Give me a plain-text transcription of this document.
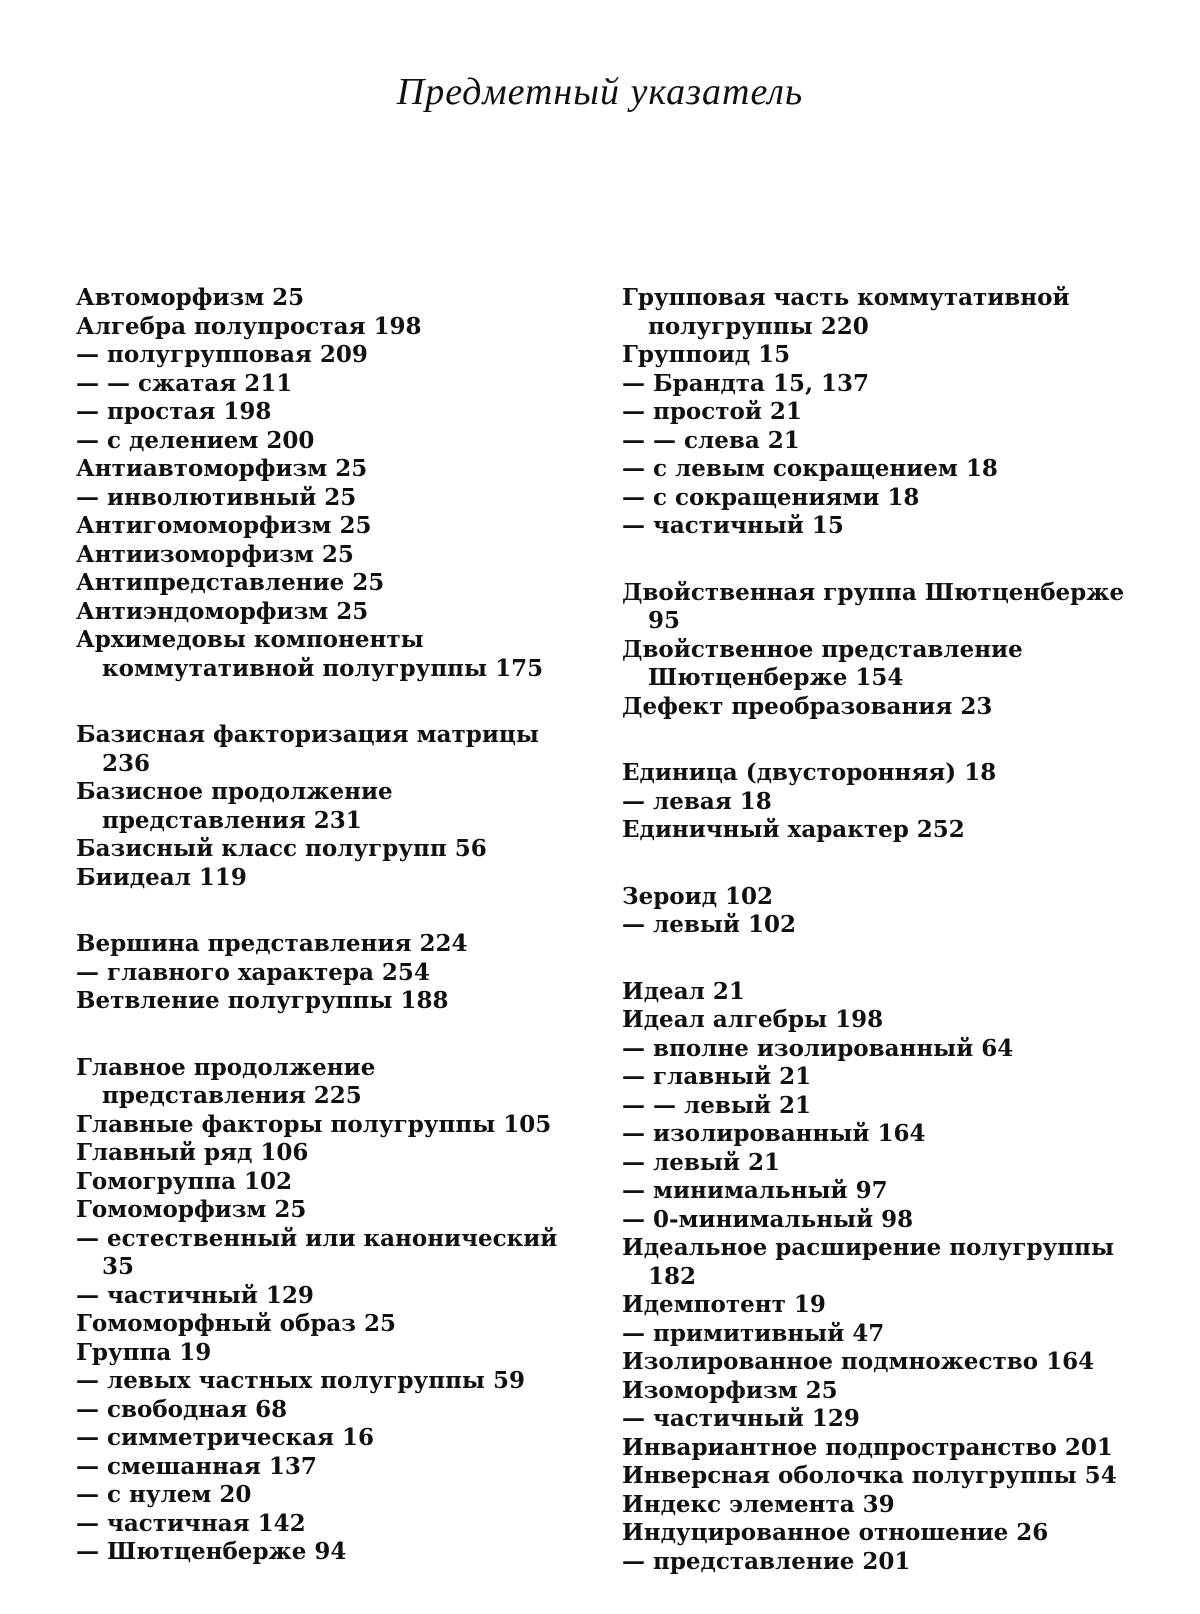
Предметный указатель
Автоморфизм 25
Алгебра полупростая 198
— полугрупповая 209
— — сжатая 211
— простая 198
— с делением 200
Антиавтоморфизм 25
— инволютивный 25
Антигомоморфизм 25
Антиизоморфизм 25
Антипредставление 25
Антиэндоморфизм 25
Архимедовы компоненты коммутативной полугруппы 175
Базисная факторизация матрицы 236
Базисное продолжение представления 231
Базисный класс полугрупп 56
Биидеал 119
Вершина представления 224
— главного характера 254
Ветвление полугруппы 188
Главное продолжение представления 225
Главные факторы полугруппы 105
Главный ряд 106
Гомогруппа 102
Гомоморфизм 25
— естественный или канонический 35
— частичный 129
Гомоморфный образ 25
Группа 19
— левых частных полугруппы 59
— свободная 68
— симметрическая 16
— смешанная 137
— с нулем 20
— частичная 142
— Шютценберже 94
Групповая часть коммутативной полугруппы 220
Группоид 15
— Брандта 15, 137
— простой 21
— — слева 21
— с левым сокращением 18
— с сокращениями 18
— частичный 15
Двойственная группа Шютценберже 95
Двойственное представление Шютценберже 154
Дефект преобразования 23
Единица (двусторонняя) 18
— левая 18
Единичный характер 252
Зероид 102
— левый 102
Идеал 21
Идеал алгебры 198
— вполне изолированный 64
— главный 21
— — левый 21
— изолированный 164
— левый 21
— минимальный 97
— 0-минимальный 98
Идеальное расширение полугруппы 182
Идемпотент 19
— примитивный 47
Изолированное подмножество 164
Изоморфизм 25
— частичный 129
Инвариантное подпространство 201
Инверсная оболочка полугруппы 54
Индекс элемента 39
Индуцированное отношение 26
— представление 201
